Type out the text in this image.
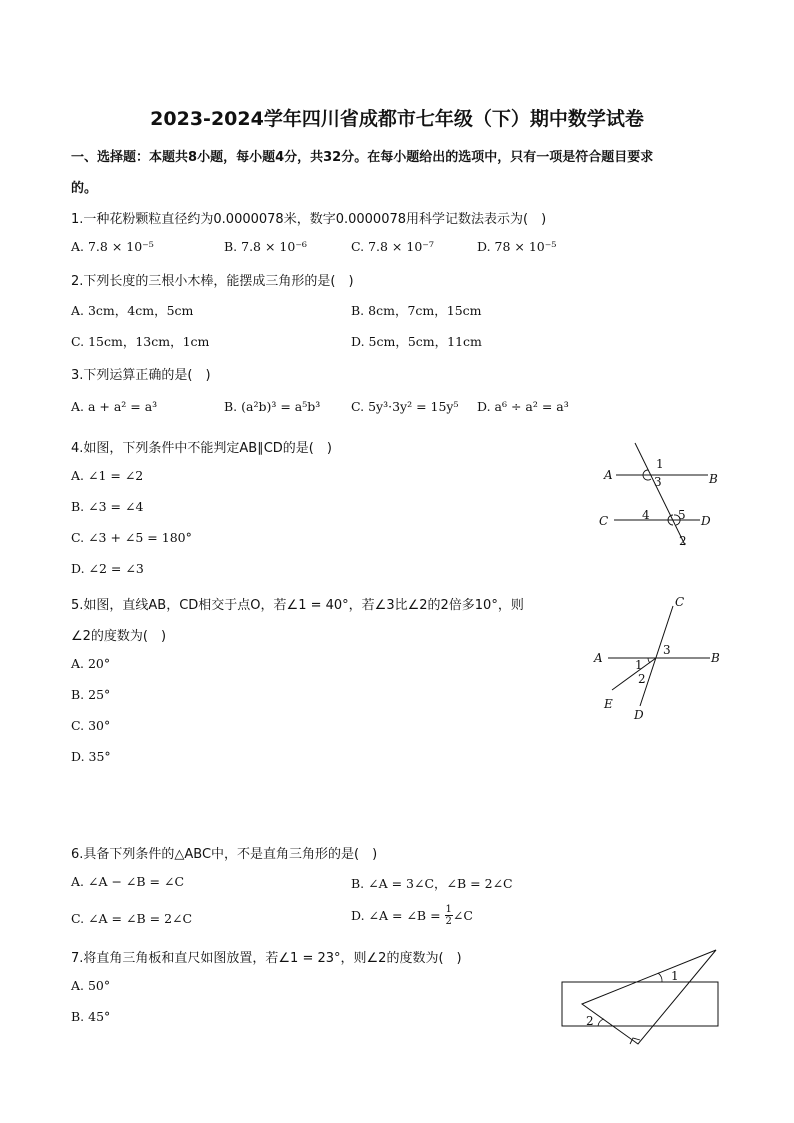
2023-2024学年四川省成都市七年级（下）期中数学试卷
一、选择题：本题共8小题，每小题4分，共32分。在每小题给出的选项中，只有一项是符合题目要求
的。
1.一种花粉颗粒直径约为0.0000078米，数字0.0000078用科学记数法表示为(　)
A. 7.8 × 10⁻⁵	B. 7.8 × 10⁻⁶	C. 7.8 × 10⁻⁷	D. 78 × 10⁻⁵
2.下列长度的三根小木棒，能摆成三角形的是(　)
A. 3cm，4cm，5cm	B. 8cm，7cm，15cm
C. 15cm，13cm，1cm	D. 5cm，5cm，11cm
3.下列运算正确的是(　)
A. a + a² = a³	B. (a²b)³ = a⁵b³ C. 5y³·3y² = 15y⁵ D. a⁶ ÷ a² = a³
4.如图，下列条件中不能判定AB∥CD的是(　)
A. ∠1 = ∠2
B. ∠3 = ∠4
C. ∠3 + ∠5 = 180°
D. ∠2 = ∠3
A	B
C	D
1
3
4 5
2
5.如图，直线AB，CD相交于点O，若∠1 = 40°，若∠3比∠2的2倍多10°，则
∠2的度数为(　)
A. 20°
B. 25°
C. 30°
D. 35°
C
A	B
E
D
3
1
2
6.具备下列条件的△ABC中，不是直角三角形的是(　)
A. ∠A − ∠B = ∠C	B. ∠A = 3∠C，∠B = 2∠C
C. ∠A = ∠B = 2∠C	D. ∠A = ∠B = $\frac{1}{2}$ ∠C
7.将直角三角板和直尺如图放置，若∠1 = 23°，则∠2的度数为(　)
A. 50°
B. 45°
1
2
